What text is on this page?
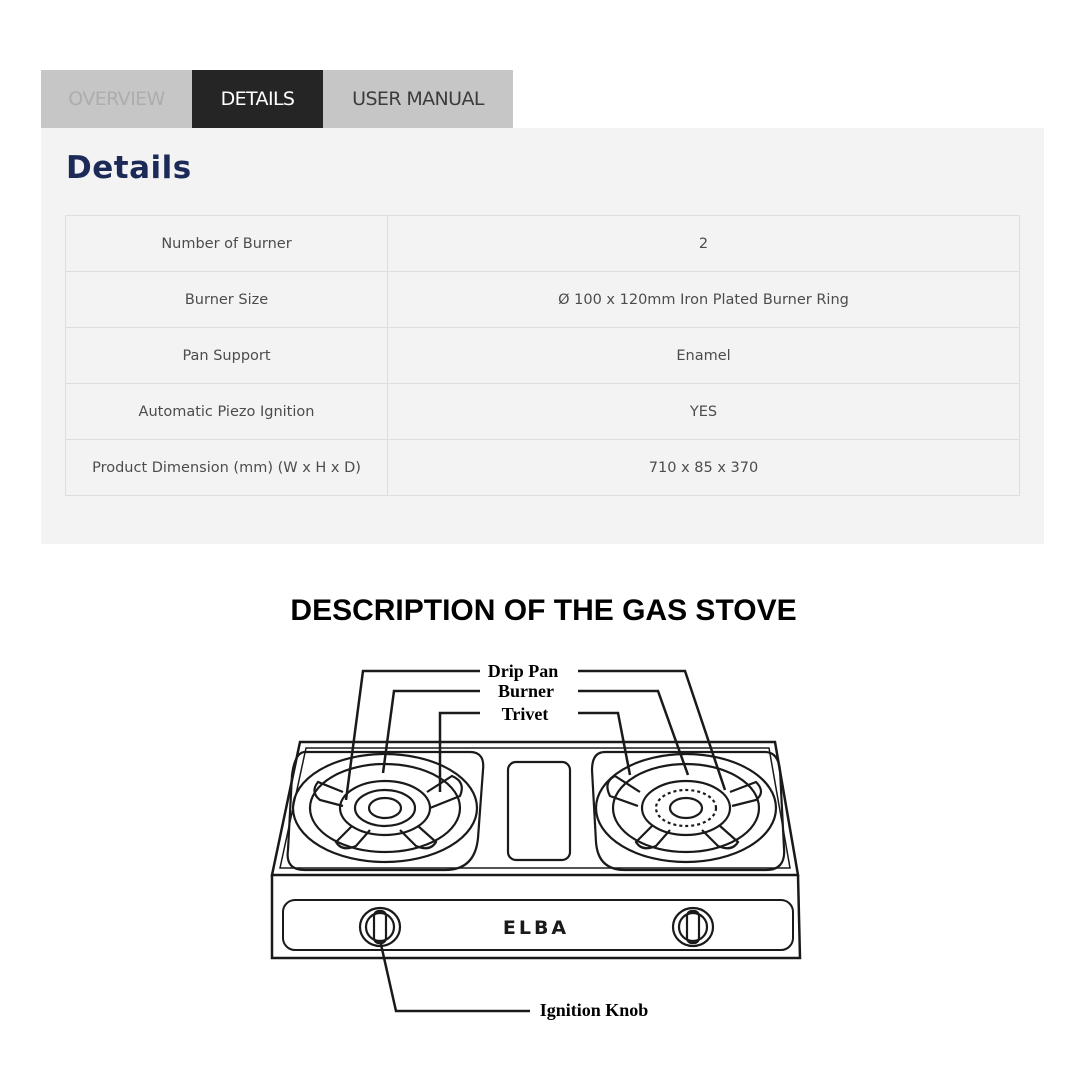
OVERVIEW	DETAILS	USER MANUAL
Details
Number of Burner	2
Burner Size	Ø 100 x 120mm Iron Plated Burner Ring
Pan Support	Enamel
Automatic Piezo Ignition	YES
Product Dimension (mm) (W x H x D)	710 x 85 x 370
DESCRIPTION OF THE GAS STOVE
Drip Pan
Burner
Trivet
Ignition Knob
ELBA
